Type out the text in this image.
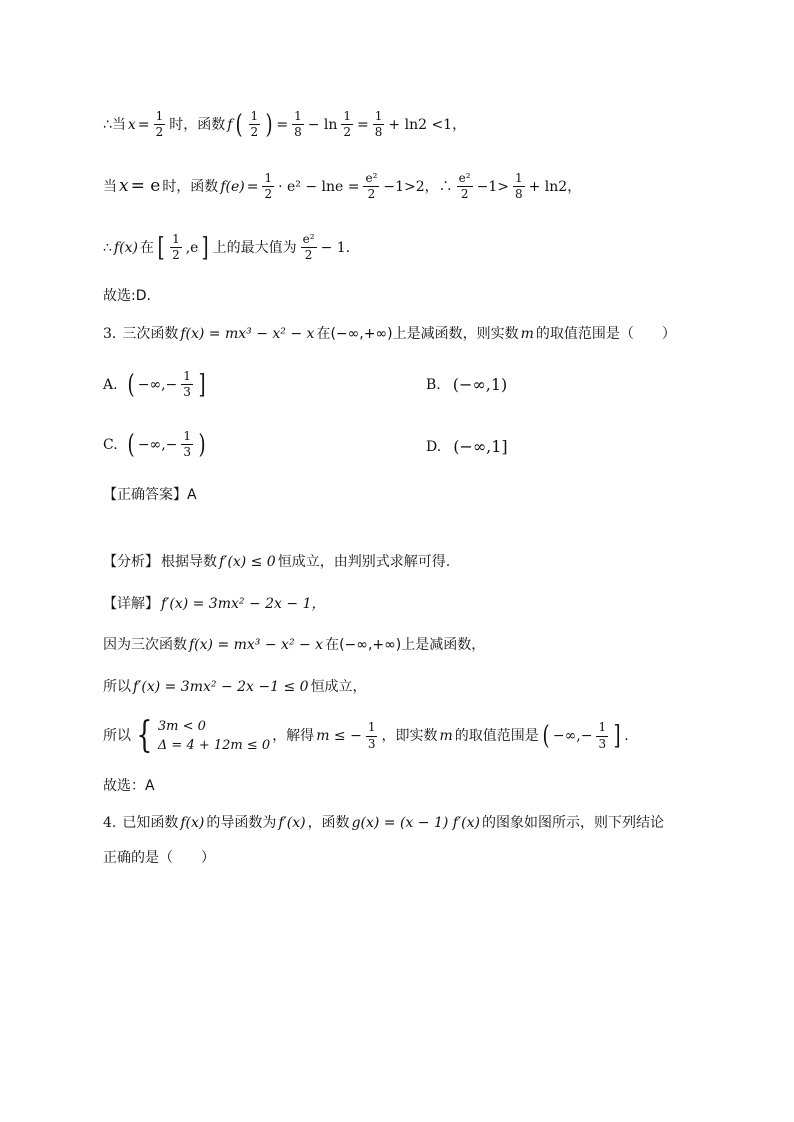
∴当 $x = \frac{1}{2}$ 时，函数 f ( $\frac{1}{2}$ ) = $\frac{1}{8} - \ln \frac{1}{2} = \frac{1}{8} + \ln 2 <1$，
当 x = e 时，函数 $f(e) = \frac{1}{2} \cdot e^2 - \ln e = \frac{\text{e²}}{2} -1>2$，∴ $\frac{\text{e²}}{2} -1> \frac{1}{8} + \ln 2$，
∴ f(x) 在 [ $\frac{1}{2} ,e$ ] 上的最大值为 $\frac{\text{e²}}{2} - 1$.
故选:D.
3. 三次函数 f(x) = mx³ − x² − x 在(−∞,+∞)上是减函数，则实数 m 的取值范围是（　　）
A. ( −∞,− $\frac{1}{3}$ ]	B. (−∞,1)
C. ( −∞,− $\frac{1}{3}$ )	D. (−∞,1]
【正确答案】A
【分析】 根据导数 f′(x) ≤ 0 恒成立，由判别式求解可得.
【详解】 f′(x) = 3mx² − 2x − 1，
因为三次函数 f(x) = mx³ − x² − x 在(−∞,+∞)上是减函数，
所以 f′(x) = 3mx² − 2x −1 ≤ 0 恒成立，
所以 { 3m < 0
Δ = 4 + 12m ≤ 0
，解得 m ≤ − $\frac{1}{3}$ ，即实数 m 的取值范围是 ( −∞,− $\frac{1}{3}$ ] .
故选：A
4. 已知函数 f(x) 的导函数为 f′(x) ，函数 g(x) = (x − 1) f′(x) 的图象如图所示，则下列结论
正确的是（　　）
